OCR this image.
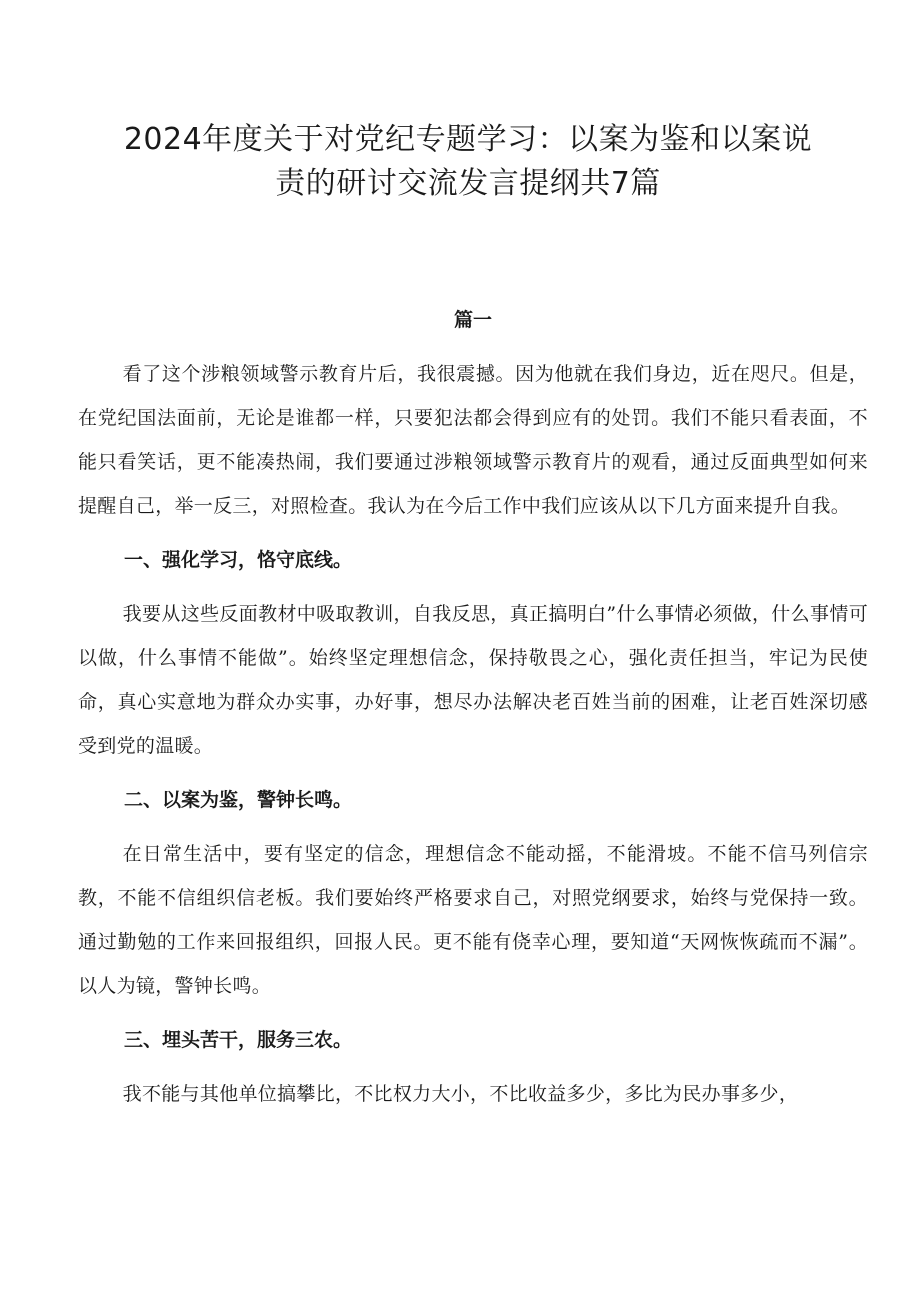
2024年度关于对党纪专题学习：以案为鉴和以案说
责的研讨交流发言提纲共7篇
篇一

看了这个涉粮领域警示教育片后，我很震撼。因为他就在我们身边，近在咫尺。但是，在党纪国法面前，无论是谁都一样，只要犯法都会得到应有的处罚。我们不能只看表面，不能只看笑话，更不能凑热闹，我们要通过涉粮领域警示教育片的观看，通过反面典型如何来提醒自己，举一反三，对照检查。我认为在今后工作中我们应该从以下几方面来提升自我。

一、强化学习，恪守底线。

我要从这些反面教材中吸取教训，自我反思，真正搞明白”什么事情必须做，什么事情可以做，什么事情不能做”。始终坚定理想信念，保持敬畏之心，强化责任担当，牢记为民使命，真心实意地为群众办实事，办好事，想尽办法解决老百姓当前的困难，让老百姓深切感受到党的温暖。

二、以案为鉴，警钟长鸣。

在日常生活中，要有坚定的信念，理想信念不能动摇，不能滑坡。不能不信马列信宗教，不能不信组织信老板。我们要始终严格要求自己，对照党纲要求，始终与党保持一致。通过勤勉的工作来回报组织，回报人民。更不能有侥幸心理，要知道“天网恢恢疏而不漏”。以人为镜，警钟长鸣。

三、埋头苦干，服务三农。

我不能与其他单位搞攀比，不比权力大小，不比收益多少，多比为民办事多少，
